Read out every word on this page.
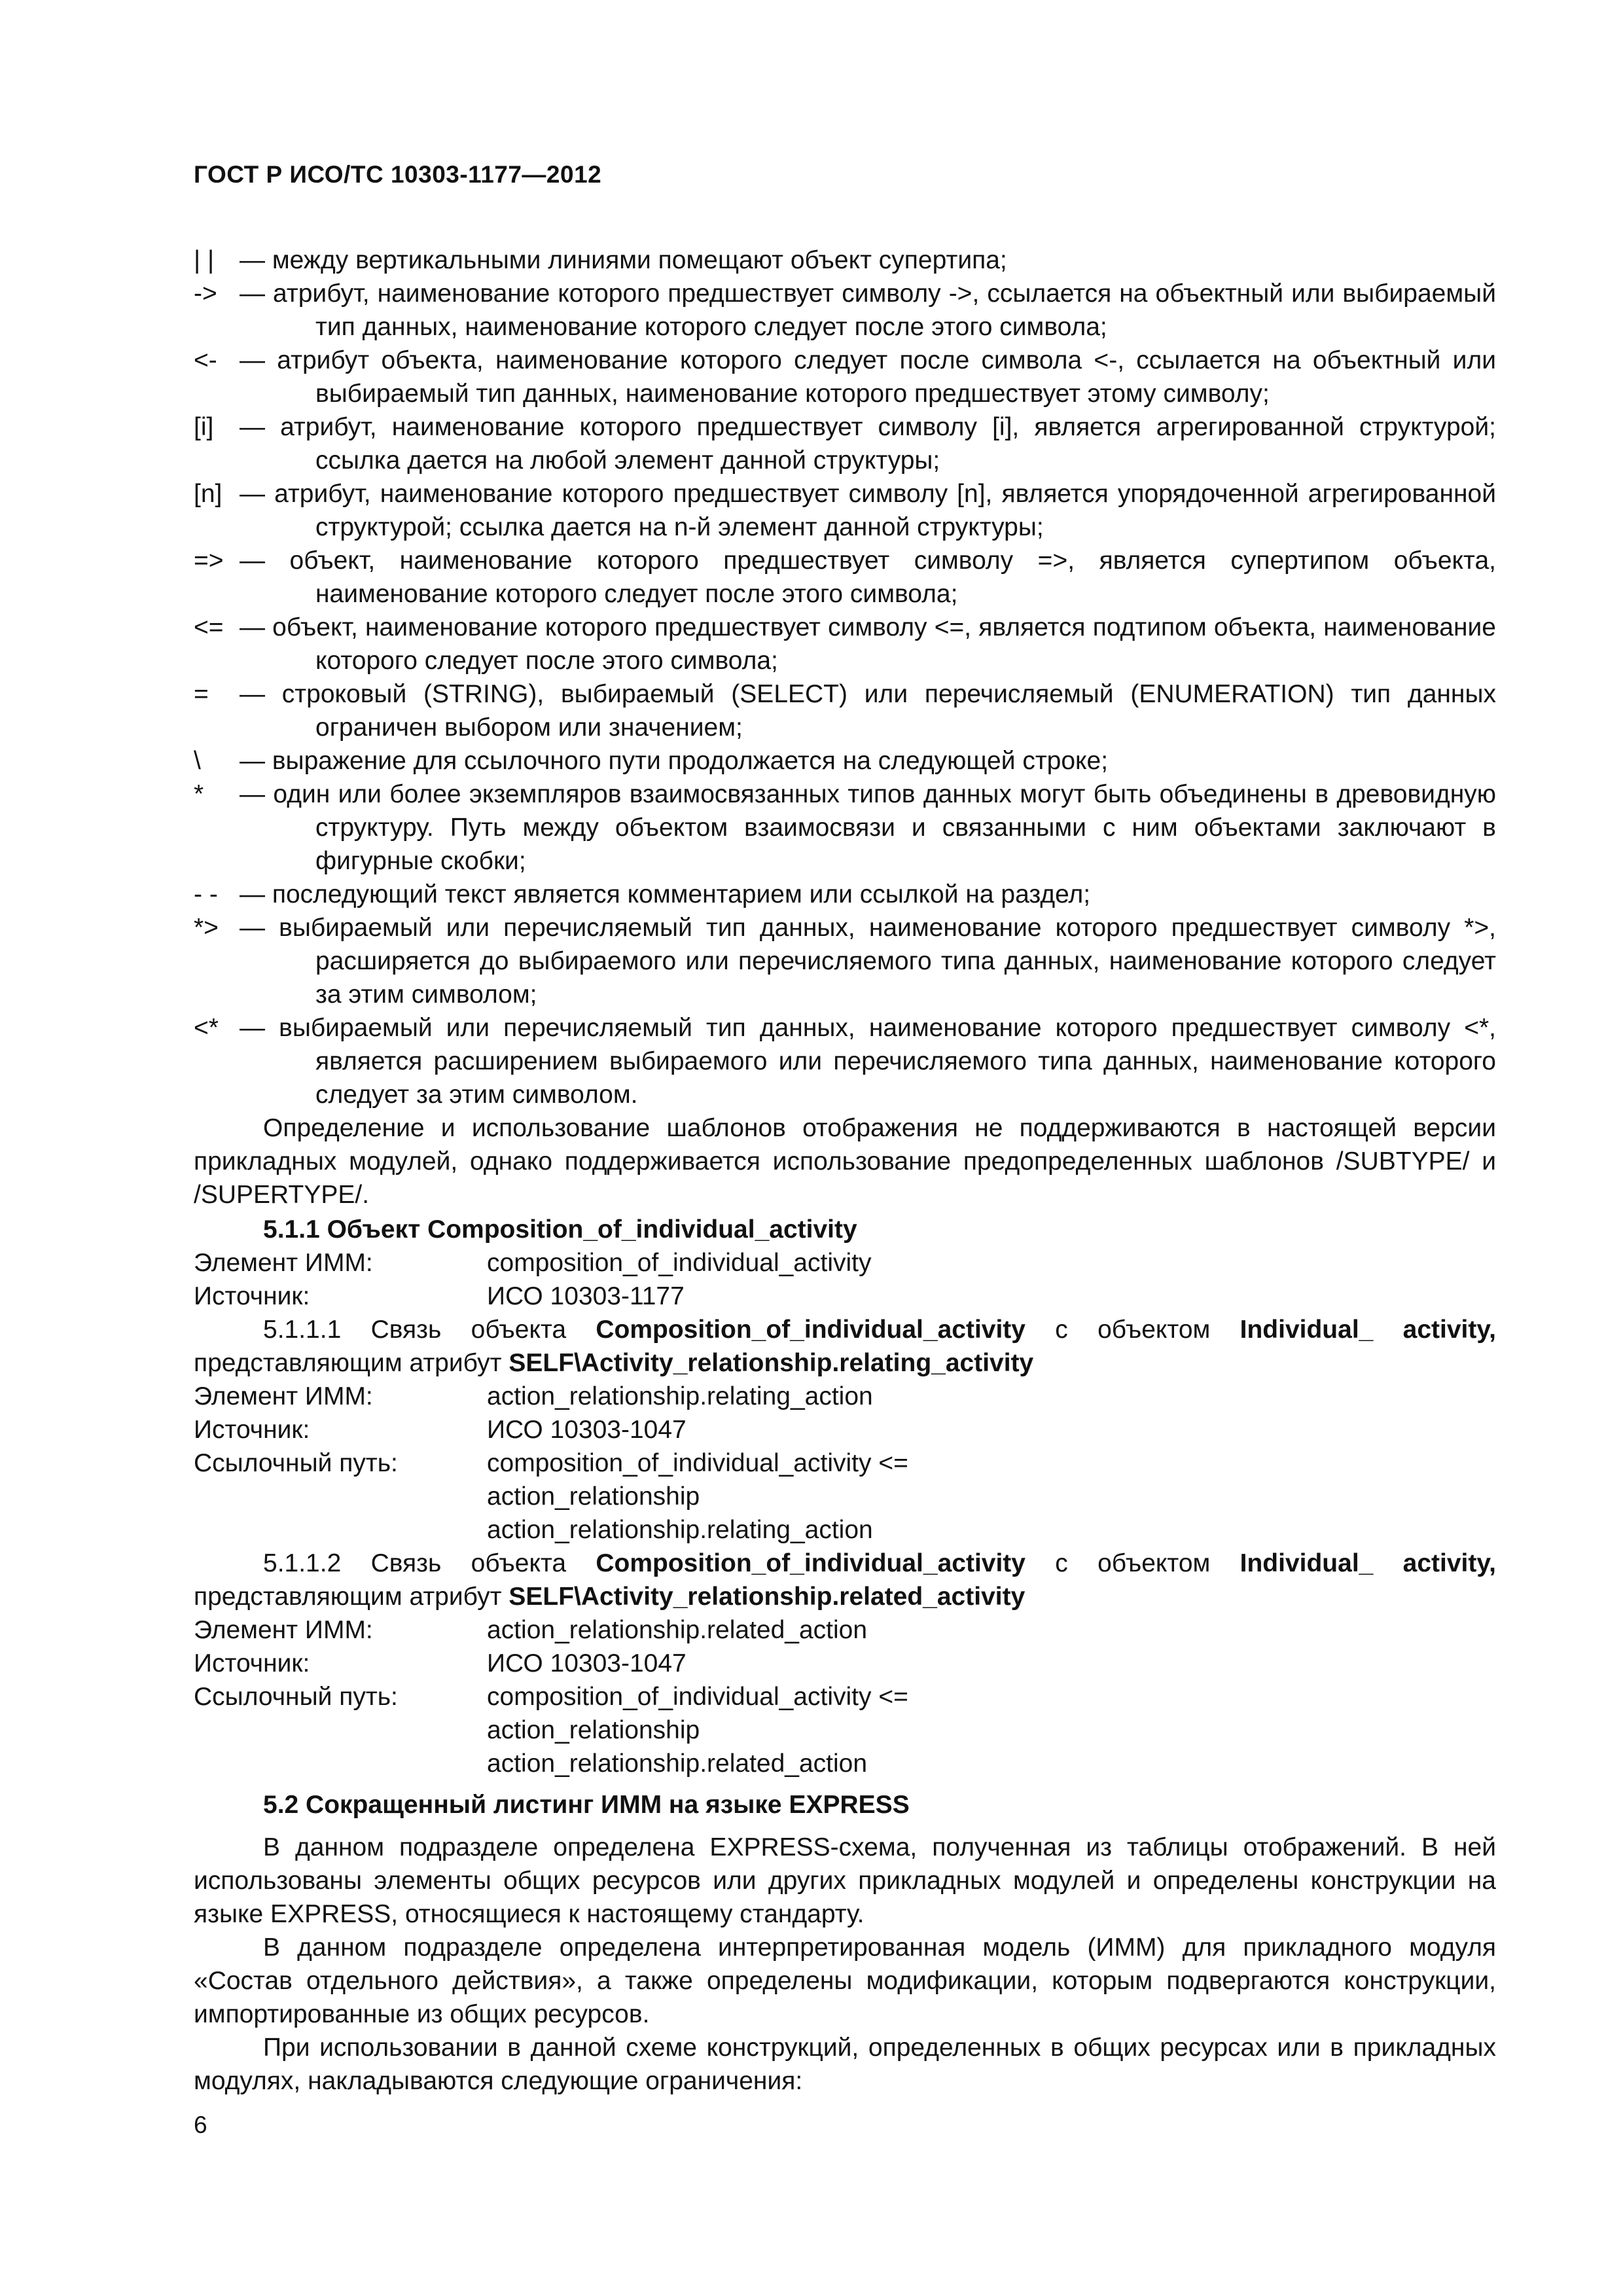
ГОСТ Р ИСО/ТС 10303-1177—2012
| | — между вертикальными линиями помещают объект супертипа;
-> — атрибут, наименование которого предшествует символу ->, ссылается на объектный или выбираемый тип данных, наименование которого следует после этого символа;
<- — атрибут объекта, наименование которого следует после символа <-, ссылается на объектный или выбираемый тип данных, наименование которого предшествует этому символу;
[i]	— атрибут, наименование которого предшествует символу [i], является агрегированной структурой; ссылка дается на любой элемент данной структуры;
[n] — атрибут, наименование которого предшествует символу [n], является упорядоченной агрегированной структурой; ссылка дается на n-й элемент данной структуры;
=> — объект, наименование которого предшествует символу =>, является супертипом объекта, наименование которого следует после этого символа;
<= — объект, наименование которого предшествует символу <=, является подтипом объекта, наименование которого следует после этого символа;
=	— строковый (STRING), выбираемый (SELECT) или перечисляемый (ENUMERATION) тип данных ограничен выбором или значением;
\	— выражение для ссылочного пути продолжается на следующей строке;
*	— один или более экземпляров взаимосвязанных типов данных могут быть объединены в древовидную структуру. Путь между объектом взаимосвязи и связанными с ним объектами заключают в фигурные скобки;
- - — последующий текст является комментарием или ссылкой на раздел;
*> — выбираемый или перечисляемый тип данных, наименование которого предшествует символу *>, расширяется до выбираемого или перечисляемого типа данных, наименование которого следует за этим символом;
<* — выбираемый или перечисляемый тип данных, наименование которого предшествует символу <*, является расширением выбираемого или перечисляемого типа данных, наименование которого следует за этим символом.

Определение и использование шаблонов отображения не поддерживаются в настоящей версии прикладных модулей, однако поддерживается использование предопределенных шаблонов /SUBTYPE/ и /SUPERTYPE/.

5.1.1 Объект Composition_of_individual_activity
Элемент ИММ:	composition_of_individual_activity
Источник:	ИСО 10303-1177
5.1.1.1 Связь объекта Composition_of_individual_activity с объектом Individual_ activity, представляющим атрибут SELF\Activity_relationship.relating_activity
Элемент ИММ:	action_relationship.relating_action
Источник:	ИСО 10303-1047
Ссылочный путь:	composition_of_individual_activity <=
action_relationship
action_relationship.relating_action
5.1.1.2 Связь объекта Composition_of_individual_activity с объектом Individual_ activity, представляющим атрибут SELF\Activity_relationship.related_activity
Элемент ИММ:	action_relationship.related_action
Источник:	ИСО 10303-1047
Ссылочный путь:	composition_of_individual_activity <=
action_relationship
action_relationship.related_action
5.2 Сокращенный листинг ИММ на языке EXPRESS

В данном подразделе определена EXPRESS-схема, полученная из таблицы отображений. В ней использованы элементы общих ресурсов или других прикладных модулей и определены конструкции на языке EXPRESS, относящиеся к настоящему стандарту.

В данном подразделе определена интерпретированная модель (ИММ) для прикладного модуля «Состав отдельного действия», а также определены модификации, которым подвергаются конструкции, импортированные из общих ресурсов.

При использовании в данной схеме конструкций, определенных в общих ресурсах или в прикладных модулях, накладываются следующие ограничения:

6
